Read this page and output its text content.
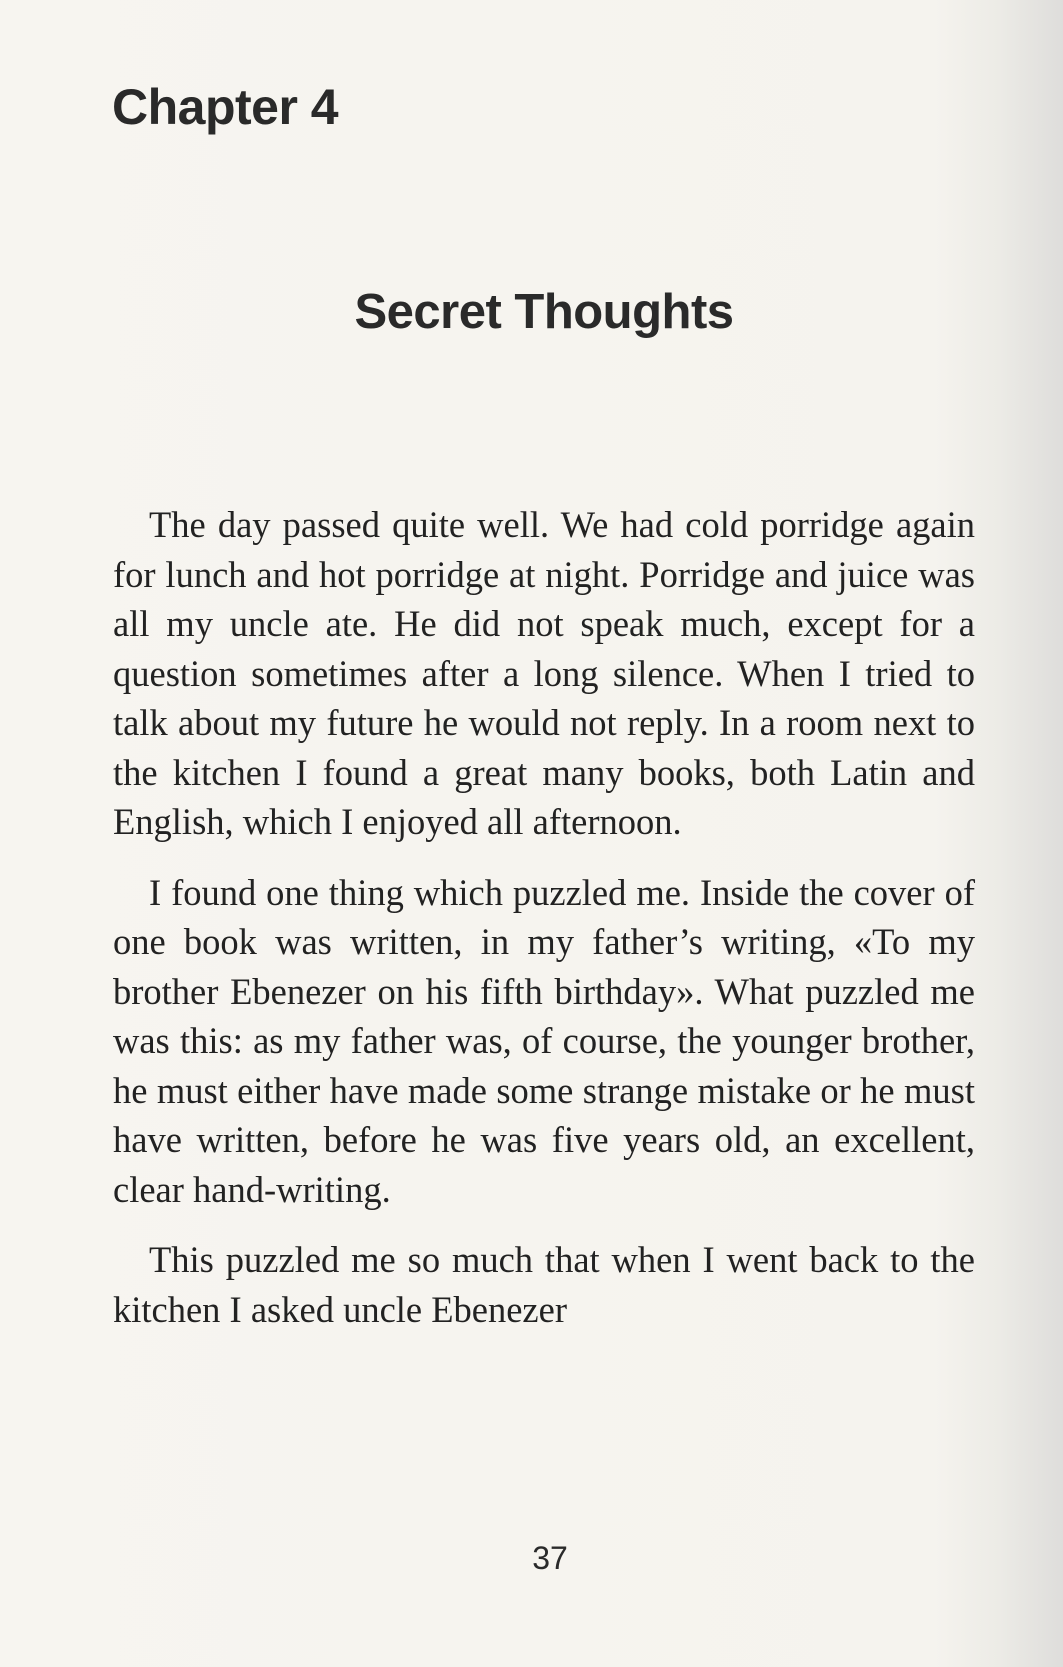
Chapter 4
Secret Thoughts

The day passed quite well. We had cold porridge again for lunch and hot porridge at night. Porridge and juice was all my uncle ate. He did not speak much, except for a question sometimes after a long silence. When I tried to talk about my future he would not reply. In a room next to the kitchen I found a great many books, both Latin and English, which I enjoyed all afternoon.

I found one thing which puzzled me. Inside the cover of one book was written, in my father’s writing, «To my brother Ebenezer on his fifth birthday». What puzzled me was this: as my father was, of course, the younger brother, he must either have made some strange mistake or he must have written, before he was five years old, an excellent, clear hand-writing.

This puzzled me so much that when I went back to the kitchen I asked uncle Ebenezer

37
